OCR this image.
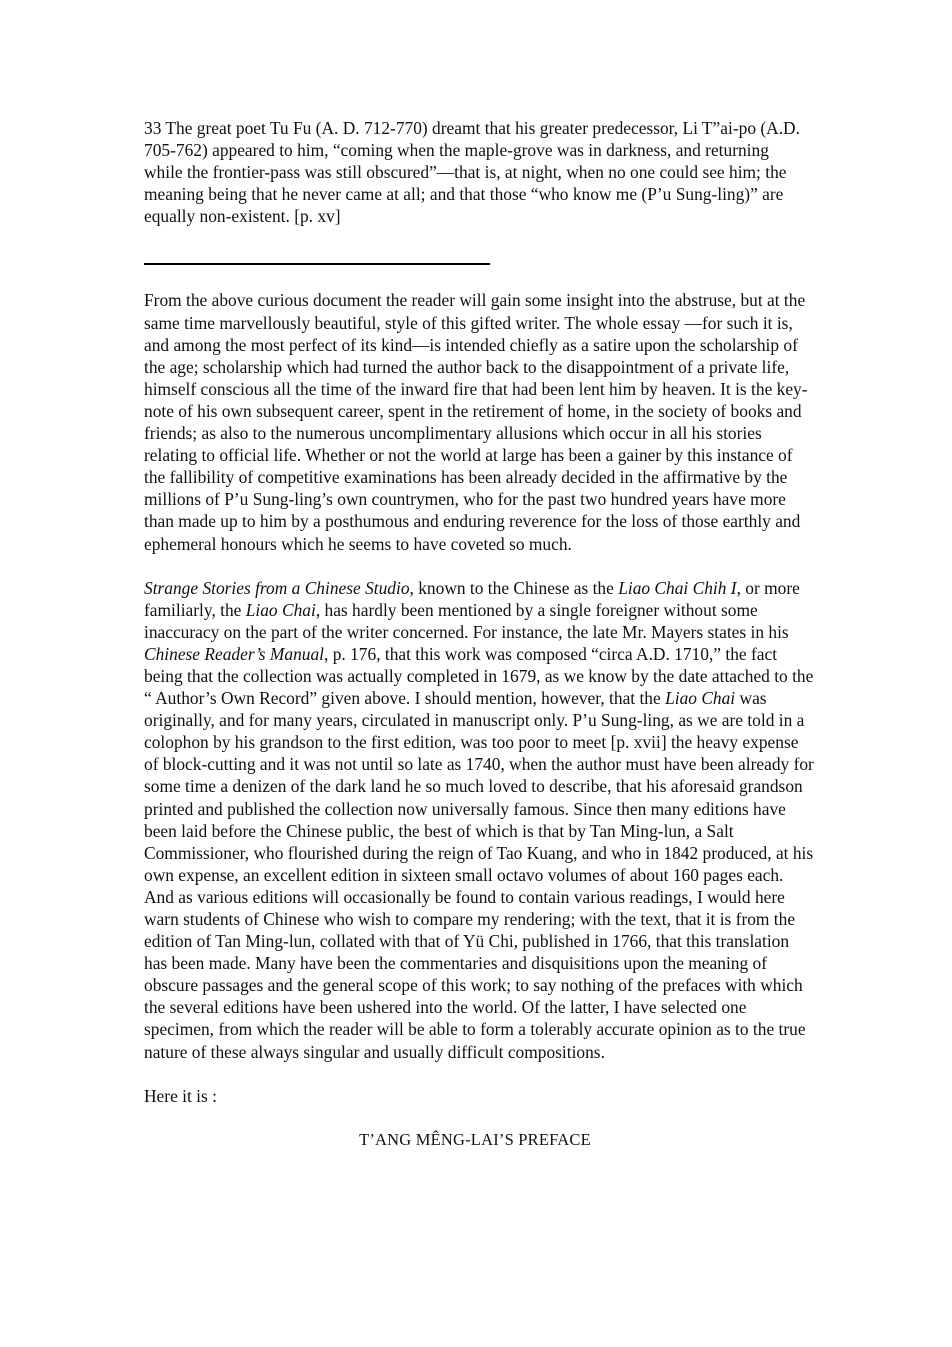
33 The great poet Tu Fu (A. D. 712-770) dreamt that his greater predecessor, Li T”ai-po (A.D. 705-762) appeared to him, “coming when the maple-grove was in darkness, and returning while the frontier-pass was still obscured”—that is, at night, when no one could see him; the meaning being that he never came at all; and that those “who know me (P’u Sung-ling)” are equally non-existent. [p. xv]

From the above curious document the reader will gain some insight into the abstruse, but at the same time marvellously beautiful, style of this gifted writer. The whole essay —for such it is, and among the most perfect of its kind—is intended chiefly as a satire upon the scholarship of the age; scholarship which had turned the author back to the disappointment of a private life, himself conscious all the time of the inward fire that had been lent him by heaven. It is the key-note of his own subsequent career, spent in the retirement of home, in the society of books and friends; as also to the numerous uncomplimentary allusions which occur in all his stories relating to official life. Whether or not the world at large has been a gainer by this instance of the fallibility of competitive examinations has been already decided in the affirmative by the millions of P’u Sung-ling’s own countrymen, who for the past two hundred years have more than made up to him by a posthumous and enduring reverence for the loss of those earthly and ephemeral honours which he seems to have coveted so much.

Strange Stories from a Chinese Studio, known to the Chinese as the Liao Chai Chih I, or more familiarly, the Liao Chai, has hardly been mentioned by a single foreigner without some inaccuracy on the part of the writer concerned. For instance, the late Mr. Mayers states in his Chinese Reader’s Manual, p. 176, that this work was composed “circa A.D. 1710,” the fact being that the collection was actually completed in 1679, as we know by the date attached to the “ Author’s Own Record” given above. I should mention, however, that the Liao Chai was originally, and for many years, circulated in manuscript only. P’u Sung-ling, as we are told in a colophon by his grandson to the first edition, was too poor to meet [p. xvii] the heavy expense of block-cutting and it was not until so late as 1740, when the author must have been already for some time a denizen of the dark land he so much loved to describe, that his aforesaid grandson printed and published the collection now universally famous. Since then many editions have been laid before the Chinese public, the best of which is that by Tan Ming-lun, a Salt Commissioner, who flourished during the reign of Tao Kuang, and who in 1842 produced, at his own expense, an excellent edition in sixteen small octavo volumes of about 160 pages each. And as various editions will occasionally be found to contain various readings, I would here warn students of Chinese who wish to compare my rendering; with the text, that it is from the edition of Tan Ming-lun, collated with that of Yü Chi, published in 1766, that this translation has been made. Many have been the commentaries and disquisitions upon the meaning of obscure passages and the general scope of this work; to say nothing of the prefaces with which the several editions have been ushered into the world. Of the latter, I have selected one specimen, from which the reader will be able to form a tolerably accurate opinion as to the true nature of these always singular and usually difficult compositions.

Here it is :

T’ANG MÊNG-LAI’S PREFACE
